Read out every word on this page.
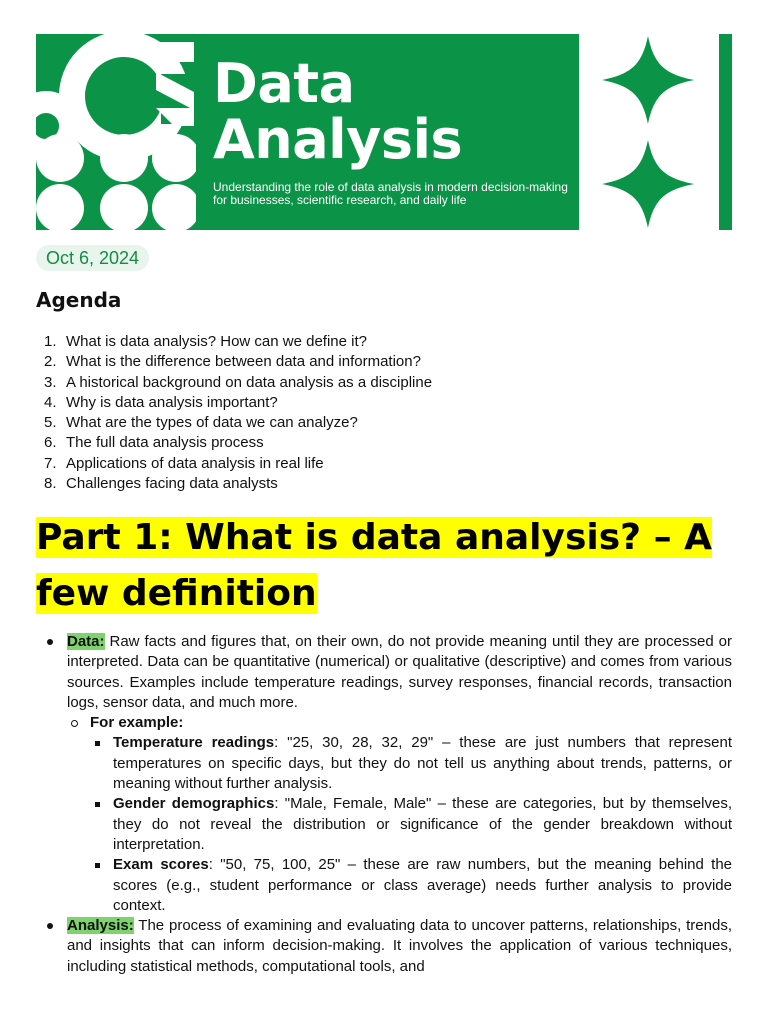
Data
Analysis
Understanding the role of data analysis in modern decision-making for businesses, scientific research, and daily life
Oct 6, 2024
Agenda
1. What is data analysis? How can we define it?
2. What is the difference between data and information?
3. A historical background on data analysis as a discipline
4. Why is data analysis important?
5. What are the types of data we can analyze?
6. The full data analysis process
7. Applications of data analysis in real life
8. Challenges facing data analysts
Part 1: What is data analysis? – A few definition
Data: Raw facts and figures that, on their own, do not provide meaning until they are processed or interpreted. Data can be quantitative (numerical) or qualitative (descriptive) and comes from various sources. Examples include temperature readings, survey responses, financial records, transaction logs, sensor data, and much more.
For example:
Temperature readings: "25, 30, 28, 32, 29" – these are just numbers that represent temperatures on specific days, but they do not tell us anything about trends, patterns, or meaning without further analysis.
Gender demographics: "Male, Female, Male" – these are categories, but by themselves, they do not reveal the distribution or significance of the gender breakdown without interpretation.
Exam scores: "50, 75, 100, 25" – these are raw numbers, but the meaning behind the scores (e.g., student performance or class average) needs further analysis to provide context.
Analysis: The process of examining and evaluating data to uncover patterns, relationships, trends, and insights that can inform decision-making. It involves the application of various techniques, including statistical methods, computational tools, and
